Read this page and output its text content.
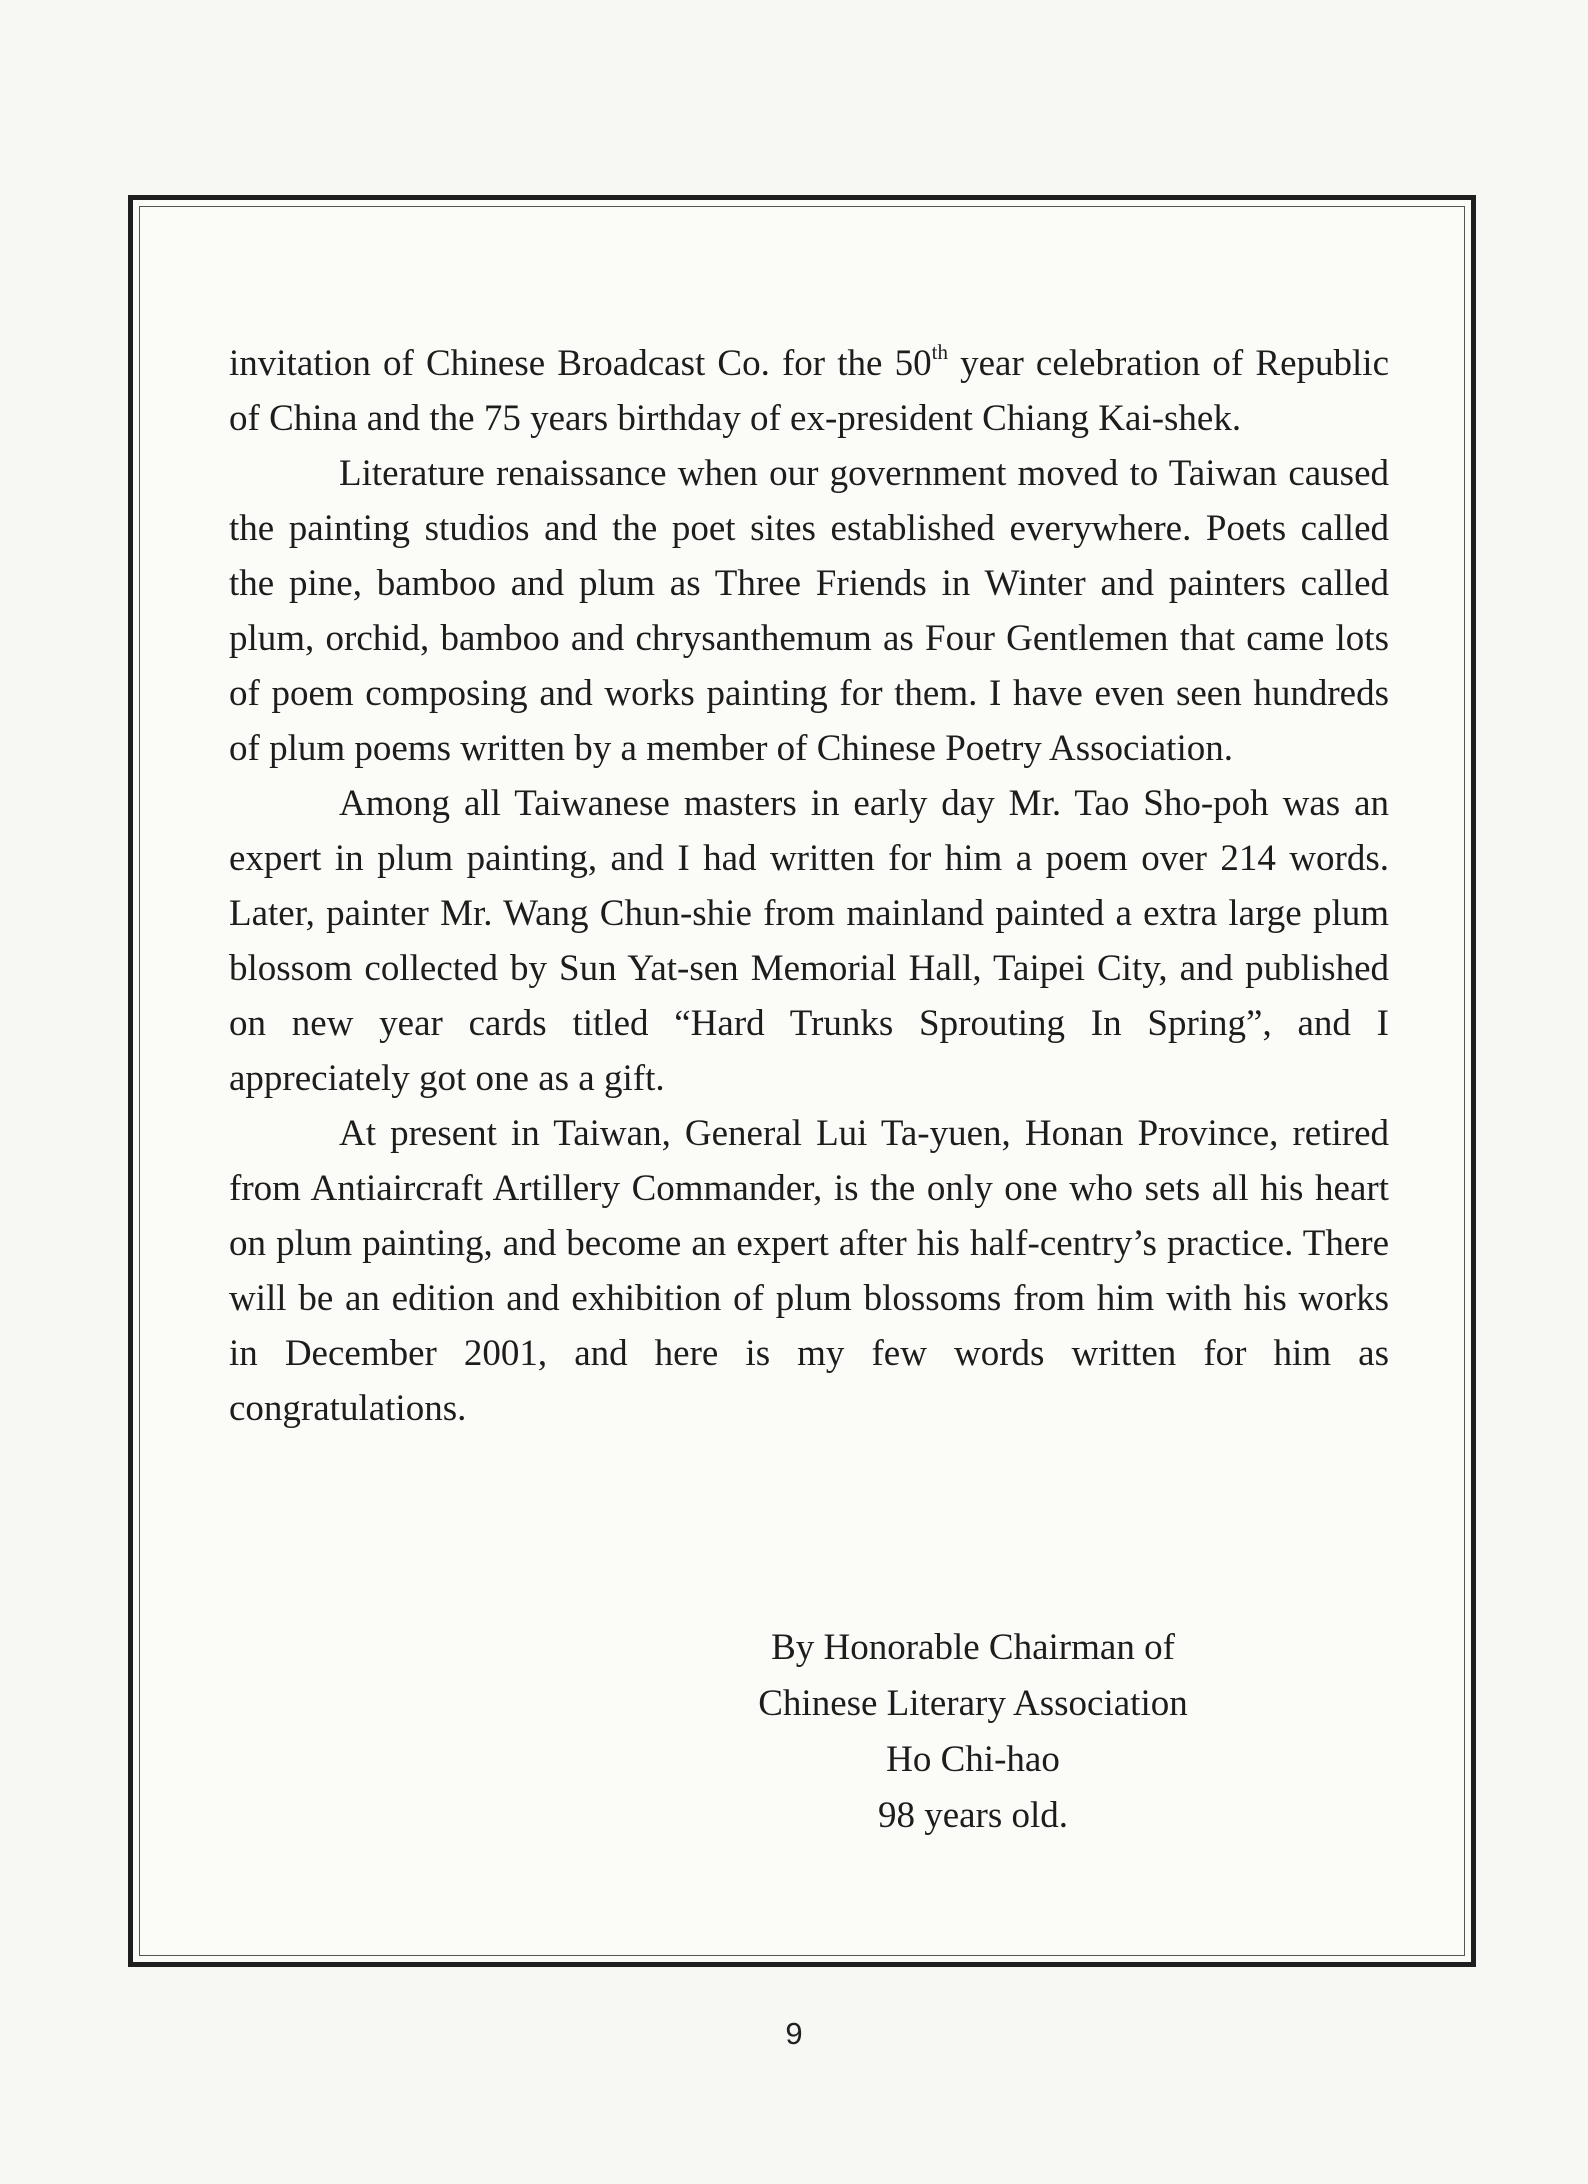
invitation of Chinese Broadcast Co. for the 50th year celebration of Republic of China and the 75 years birthday of ex-president Chiang Kai-shek.

Literature renaissance when our government moved to Taiwan caused the painting studios and the poet sites established everywhere. Poets called the pine, bamboo and plum as Three Friends in Winter and painters called plum, orchid, bamboo and chrysanthemum as Four Gentlemen that came lots of poem composing and works painting for them. I have even seen hundreds of plum poems written by a member of Chinese Poetry Association.

Among all Taiwanese masters in early day Mr. Tao Sho-poh was an expert in plum painting, and I had written for him a poem over 214 words. Later, painter Mr. Wang Chun-shie from mainland painted a extra large plum blossom collected by Sun Yat-sen Memorial Hall, Taipei City, and published on new year cards titled “Hard Trunks Sprouting In Spring”, and I appreciately got one as a gift.

At present in Taiwan, General Lui Ta-yuen, Honan Province, retired from Antiaircraft Artillery Commander, is the only one who sets all his heart on plum painting, and become an expert after his half-centry’s practice. There will be an edition and exhibition of plum blossoms from him with his works in December 2001, and here is my few words written for him as congratulations.

By Honorable Chairman of
Chinese Literary Association
Ho Chi-hao
98 years old.
9
